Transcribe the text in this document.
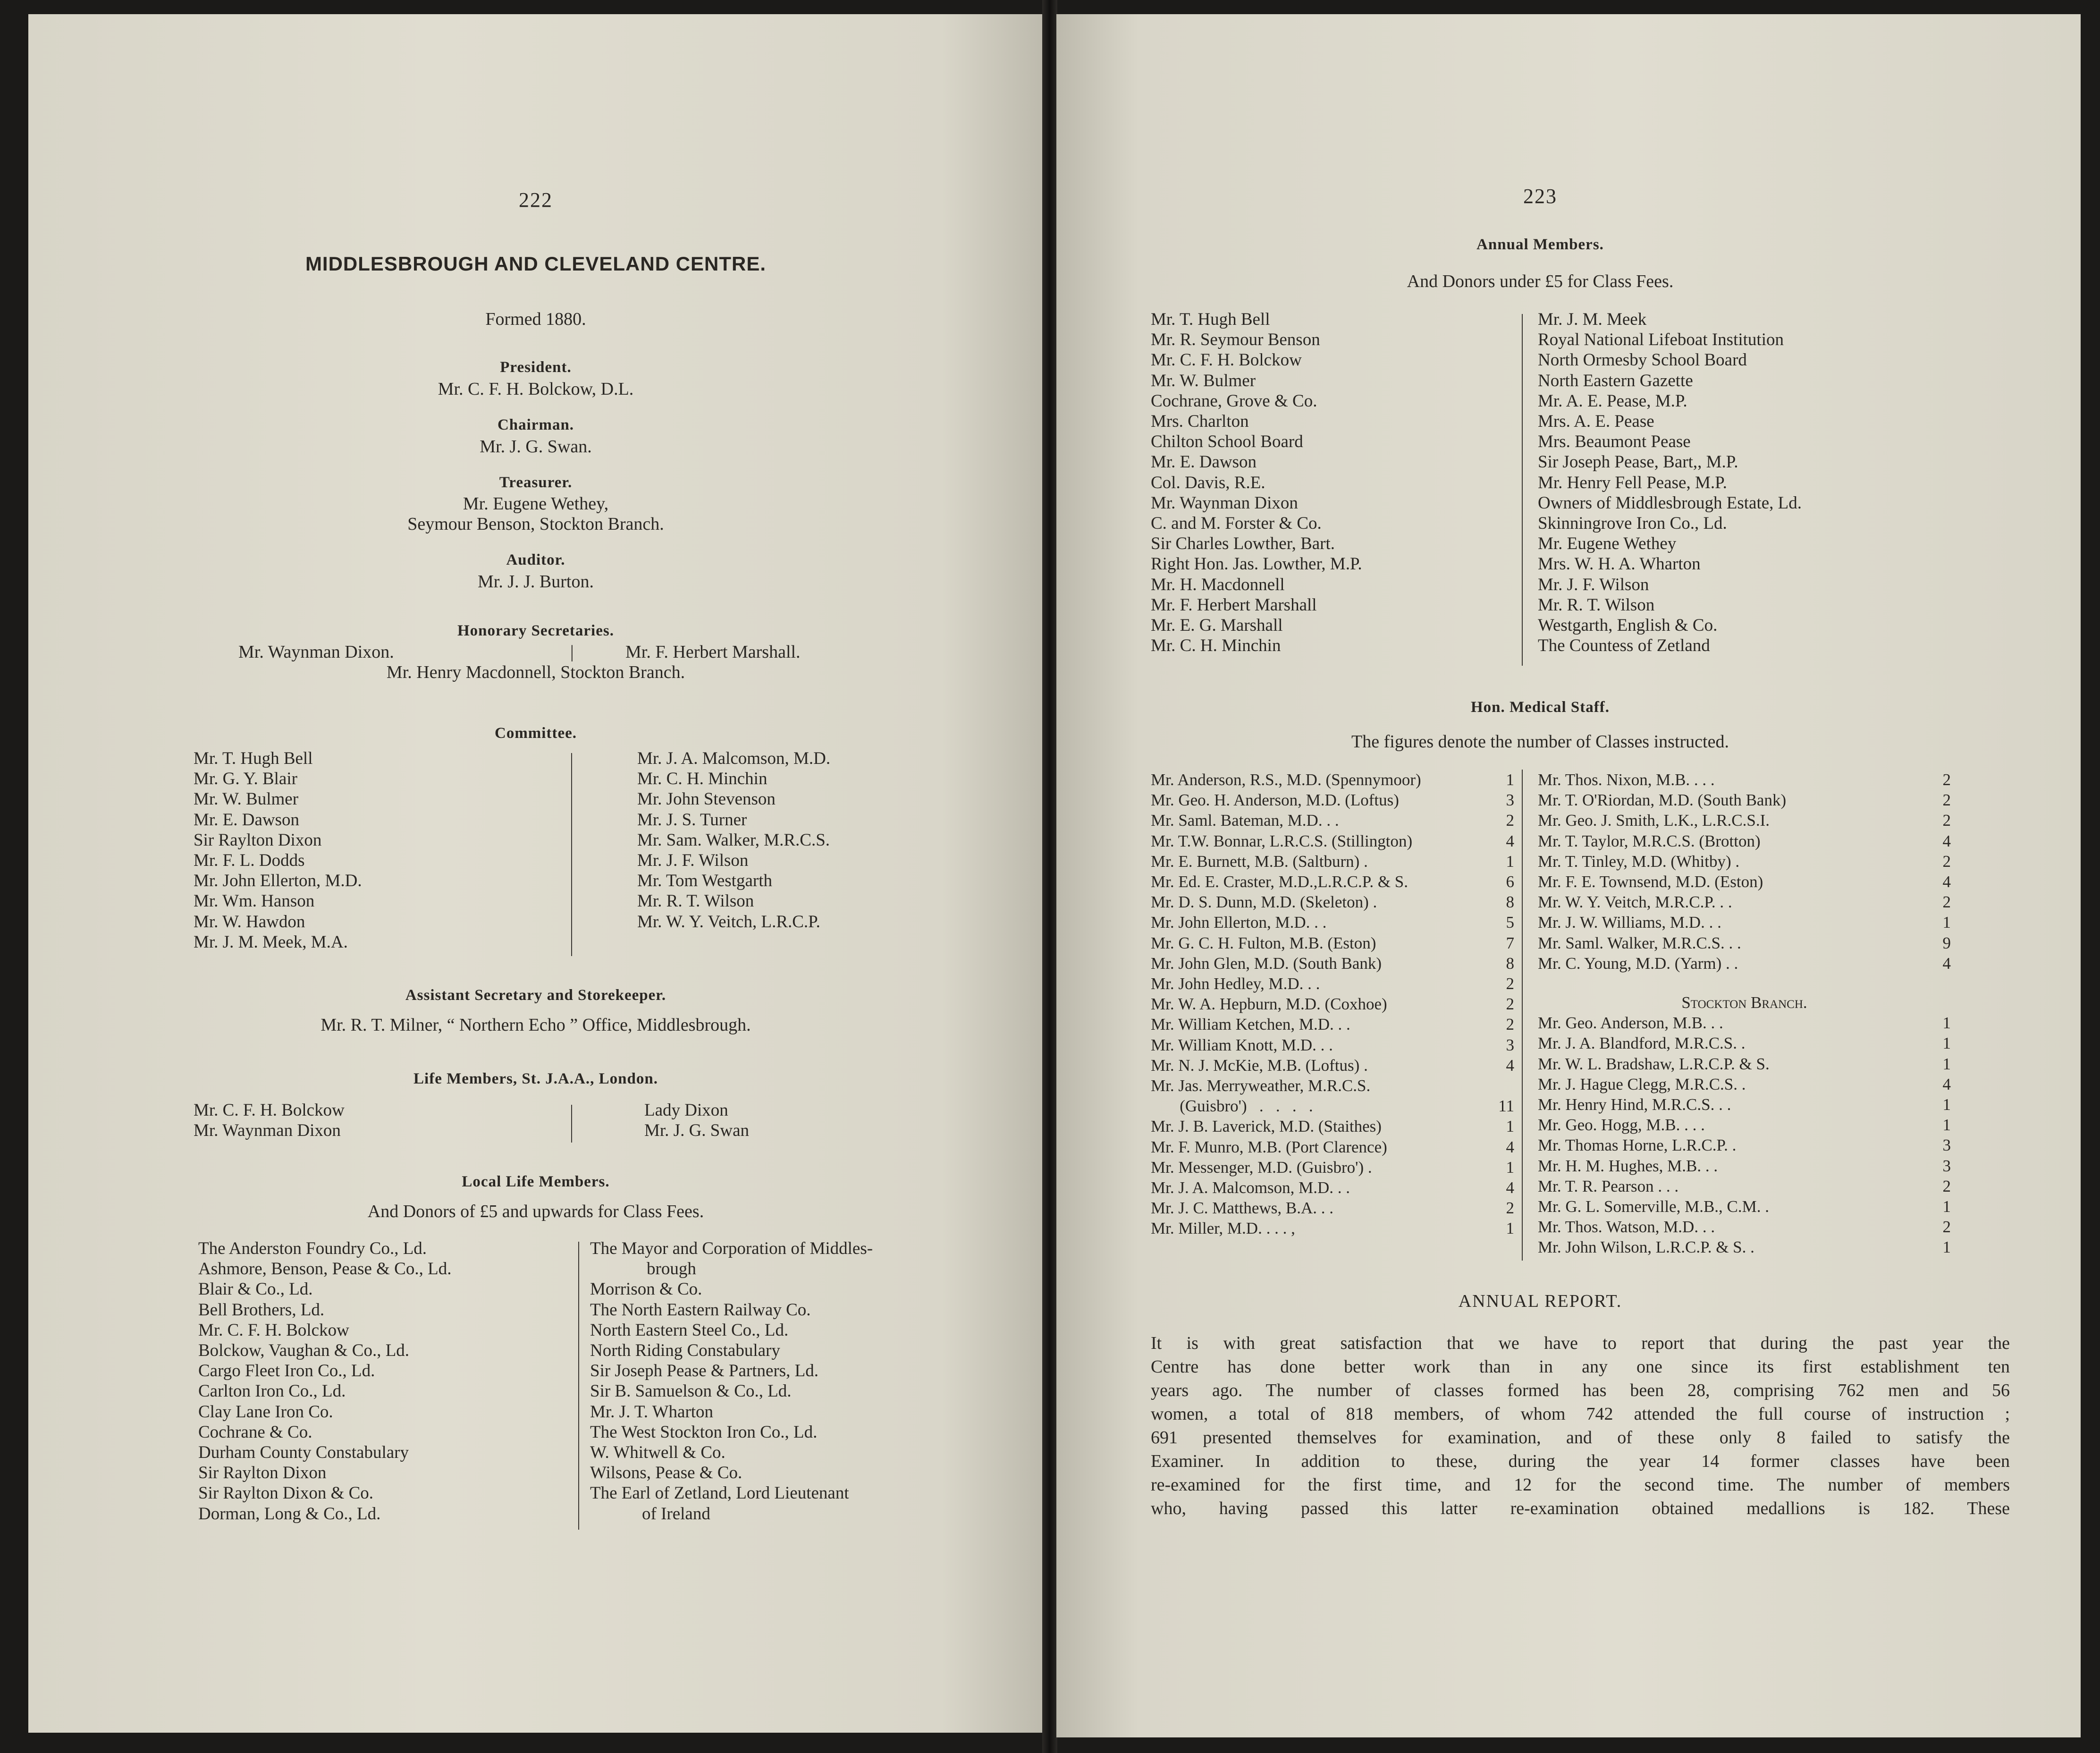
222
MIDDLESBROUGH AND CLEVELAND CENTRE.
Formed 1880.
President.
Mr. C. F. H. Bolckow, D.L.
Chairman.
Mr. J. G. Swan.
Treasurer.
Mr. Eugene Wethey,
Seymour Benson, Stockton Branch.
Auditor.
Mr. J. J. Burton.
Honorary Secretaries.
Mr. Waynman Dixon.	|	Mr. F. Herbert Marshall.
Mr. Henry Macdonnell, Stockton Branch.
Committee.
Mr. T. Hugh Bell
Mr. G. Y. Blair
Mr. W. Bulmer
Mr. E. Dawson
Sir Raylton Dixon
Mr. F. L. Dodds
Mr. John Ellerton, M.D.
Mr. Wm. Hanson
Mr. W. Hawdon
Mr. J. M. Meek, M.A.
Mr. J. A. Malcomson, M.D.
Mr. C. H. Minchin
Mr. John Stevenson
Mr. J. S. Turner
Mr. Sam. Walker, M.R.C.S.
Mr. J. F. Wilson
Mr. Tom Westgarth
Mr. R. T. Wilson
Mr. W. Y. Veitch, L.R.C.P.
Assistant Secretary and Storekeeper.
Mr. R. T. Milner, “ Northern Echo ” Office, Middlesbrough.
Life Members, St. J.A.A., London.
Mr. C. F. H. Bolckow
Mr. Waynman Dixon
Lady Dixon
Mr. J. G. Swan
Local Life Members.
And Donors of £5 and upwards for Class Fees.
The Anderston Foundry Co., Ld.
Ashmore, Benson, Pease & Co., Ld.
Blair & Co., Ld.
Bell Brothers, Ld.
Mr. C. F. H. Bolckow
Bolckow, Vaughan & Co., Ld.
Cargo Fleet Iron Co., Ld.
Carlton Iron Co., Ld.
Clay Lane Iron Co.
Cochrane & Co.
Durham County Constabulary
Sir Raylton Dixon
Sir Raylton Dixon & Co.
Dorman, Long & Co., Ld.
The Mayor and Corporation of Middles-
brough
Morrison & Co.
The North Eastern Railway Co.
North Eastern Steel Co., Ld.
North Riding Constabulary
Sir Joseph Pease & Partners, Ld.
Sir B. Samuelson & Co., Ld.
Mr. J. T. Wharton
The West Stockton Iron Co., Ld.
W. Whitwell & Co.
Wilsons, Pease & Co.
The Earl of Zetland, Lord Lieutenant
of Ireland
223
Annual Members.
And Donors under £5 for Class Fees.
Mr. T. Hugh Bell
Mr. R. Seymour Benson
Mr. C. F. H. Bolckow
Mr. W. Bulmer
Cochrane, Grove & Co.
Mrs. Charlton
Chilton School Board
Mr. E. Dawson
Col. Davis, R.E.
Mr. Waynman Dixon
C. and M. Forster & Co.
Sir Charles Lowther, Bart.
Right Hon. Jas. Lowther, M.P.
Mr. H. Macdonnell
Mr. F. Herbert Marshall
Mr. E. G. Marshall
Mr. C. H. Minchin
Mr. J. M. Meek
Royal National Lifeboat Institution
North Ormesby School Board
North Eastern Gazette
Mr. A. E. Pease, M.P.
Mrs. A. E. Pease
Mrs. Beaumont Pease
Sir Joseph Pease, Bart,, M.P.
Mr. Henry Fell Pease, M.P.
Owners of Middlesbrough Estate, Ld.
Skinningrove Iron Co., Ld.
Mr. Eugene Wethey
Mrs. W. H. A. Wharton
Mr. J. F. Wilson
Mr. R. T. Wilson
Westgarth, English & Co.
The Countess of Zetland
Hon. Medical Staff.
The figures denote the number of Classes instructed.
Mr. Anderson, R.S., M.D. (Spennymoor)	1
Mr. Geo. H. Anderson, M.D. (Loftus)	3
Mr. Saml. Bateman, M.D. . .	2
Mr. T.W. Bonnar, L.R.C.S. (Stillington)	4
Mr. E. Burnett, M.B. (Saltburn) .	1
Mr. Ed. E. Craster, M.D.,L.R.C.P. & S.	6
Mr. D. S. Dunn, M.D. (Skeleton) .	8
Mr. John Ellerton, M.D. . .	5
Mr. G. C. H. Fulton, M.B. (Eston)	7
Mr. John Glen, M.D. (South Bank)	8
Mr. John Hedley, M.D. . .	2
Mr. W. A. Hepburn, M.D. (Coxhoe)	2
Mr. William Ketchen, M.D. . .	2
Mr. William Knott, M.D. . .	3
Mr. N. J. McKie, M.B. (Loftus) .	4
Mr. Jas. Merryweather, M.R.C.S.
(Guisbro')   .   .   .   .	11
Mr. J. B. Laverick, M.D. (Staithes)	1
Mr. F. Munro, M.B. (Port Clarence)	4
Mr. Messenger, M.D. (Guisbro') .	1
Mr. J. A. Malcomson, M.D. . .	4
Mr. J. C. Matthews, B.A. . .	2
Mr. Miller, M.D. . . . ,	1
Mr. Thos. Nixon, M.B. . . .	2
Mr. T. O'Riordan, M.D. (South Bank)	2
Mr. Geo. J. Smith, L.K., L.R.C.S.I.	2
Mr. T. Taylor, M.R.C.S. (Brotton)	4
Mr. T. Tinley, M.D. (Whitby) .	2
Mr. F. E. Townsend, M.D. (Eston)	4
Mr. W. Y. Veitch, M.R.C.P. . .	2
Mr. J. W. Williams, M.D. . .	1
Mr. Saml. Walker, M.R.C.S. . .	9
Mr. C. Young, M.D. (Yarm) . .	4
Stockton Branch.
Mr. Geo. Anderson, M.B. . .	1
Mr. J. A. Blandford, M.R.C.S. .	1
Mr. W. L. Bradshaw, L.R.C.P. & S.	1
Mr. J. Hague Clegg, M.R.C.S. .	4
Mr. Henry Hind, M.R.C.S. . .	1
Mr. Geo. Hogg, M.B. . . .	1
Mr. Thomas Horne, L.R.C.P. .	3
Mr. H. M. Hughes, M.B. . .	3
Mr. T. R. Pearson . . .	2
Mr. G. L. Somerville, M.B., C.M. .	1
Mr. Thos. Watson, M.D. . .	2
Mr. John Wilson, L.R.C.P. & S. .	1
ANNUAL REPORT.
It is with great satisfaction that we have to report that during the past year the
Centre has done better work than in any one since its first establishment ten
years ago. The number of classes formed has been 28, comprising 762 men and 56
women, a total of 818 members, of whom 742 attended the full course of instruction ;
691 presented themselves for examination, and of these only 8 failed to satisfy the
Examiner. In addition to these, during the year 14 former classes have been
re-examined for the first time, and 12 for the second time. The number of members
who, having passed this latter re-examination obtained medallions is 182. These
